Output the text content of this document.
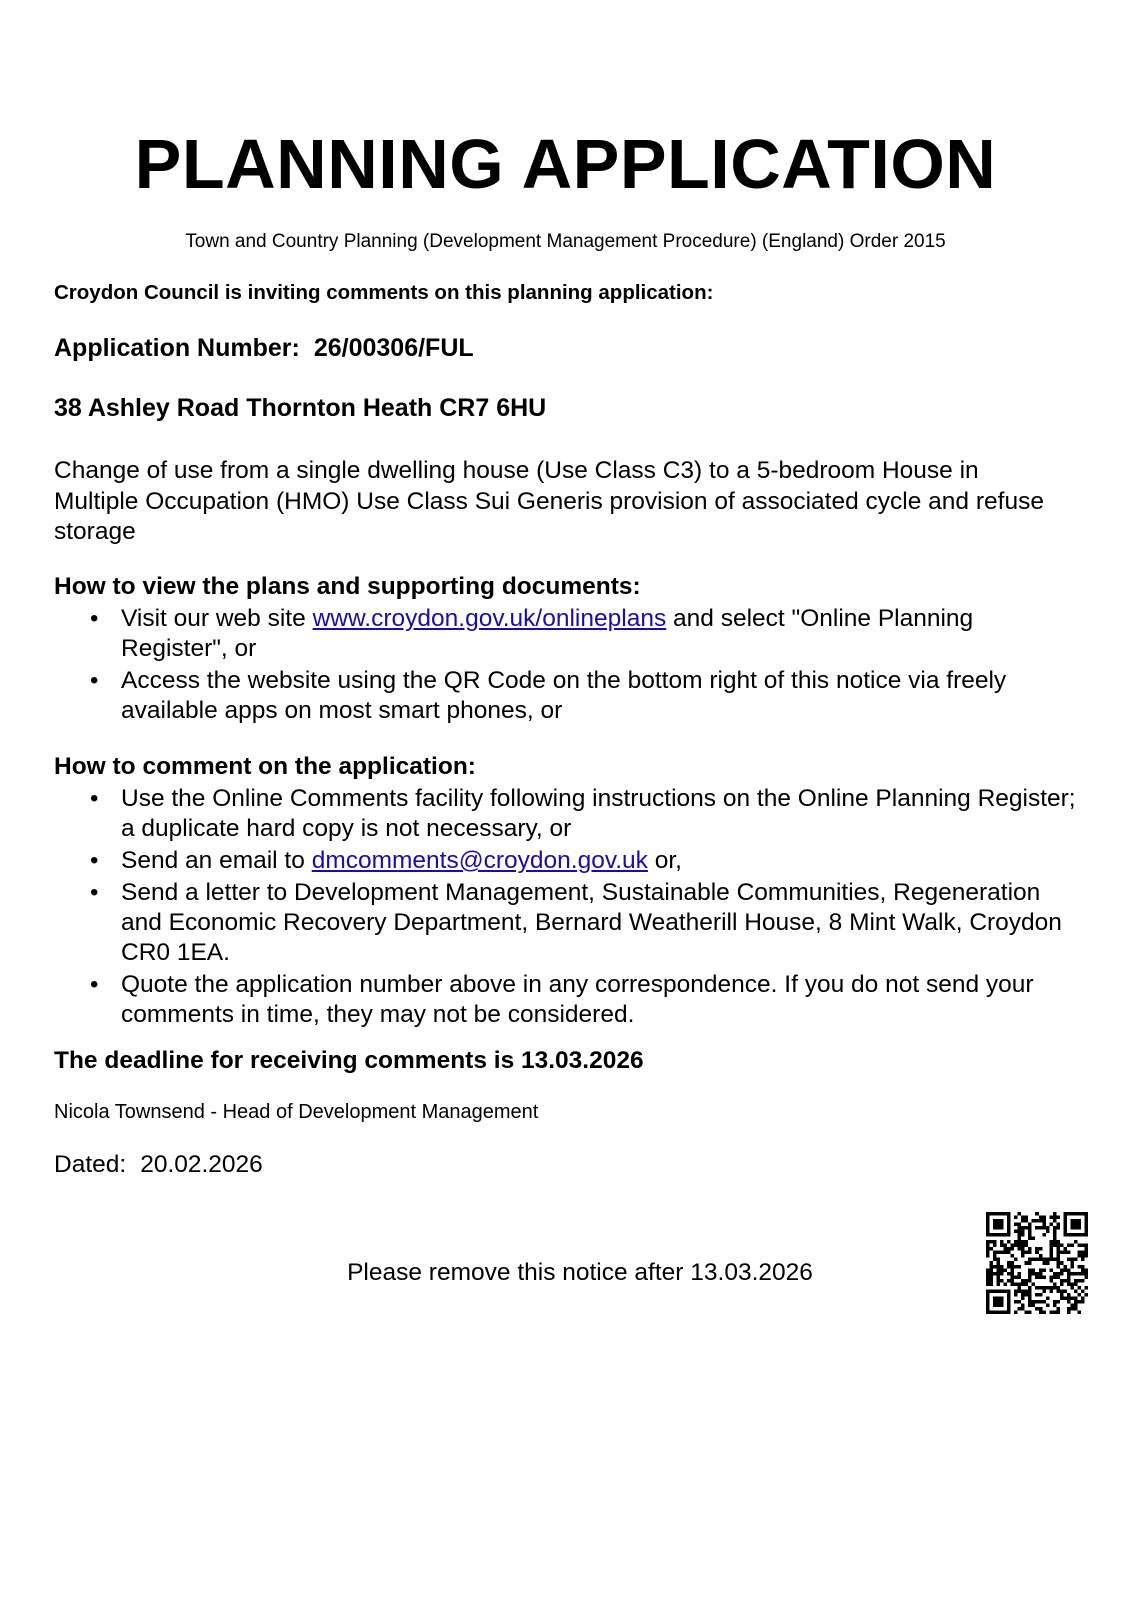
PLANNING APPLICATION
Town and Country Planning (Development Management Procedure) (England) Order 2015
Croydon Council is inviting comments on this planning application:
Application Number: 26/00306/FUL
38 Ashley Road Thornton Heath CR7 6HU
Change of use from a single dwelling house (Use Class C3) to a 5-bedroom House in Multiple Occupation (HMO) Use Class Sui Generis provision of associated cycle and refuse storage
How to view the plans and supporting documents:
• Visit our web site www.croydon.gov.uk/onlineplans and select "Online Planning Register", or
• Access the website using the QR Code on the bottom right of this notice via freely available apps on most smart phones, or
How to comment on the application:
• Use the Online Comments facility following instructions on the Online Planning Register; a duplicate hard copy is not necessary, or
• Send an email to dmcomments@croydon.gov.uk or,
• Send a letter to Development Management, Sustainable Communities, Regeneration and Economic Recovery Department, Bernard Weatherill House, 8 Mint Walk, Croydon CR0 1EA.
• Quote the application number above in any correspondence. If you do not send your comments in time, they may not be considered.
The deadline for receiving comments is 13.03.2026
Nicola Townsend - Head of Development Management
Dated: 20.02.2026
Please remove this notice after 13.03.2026
